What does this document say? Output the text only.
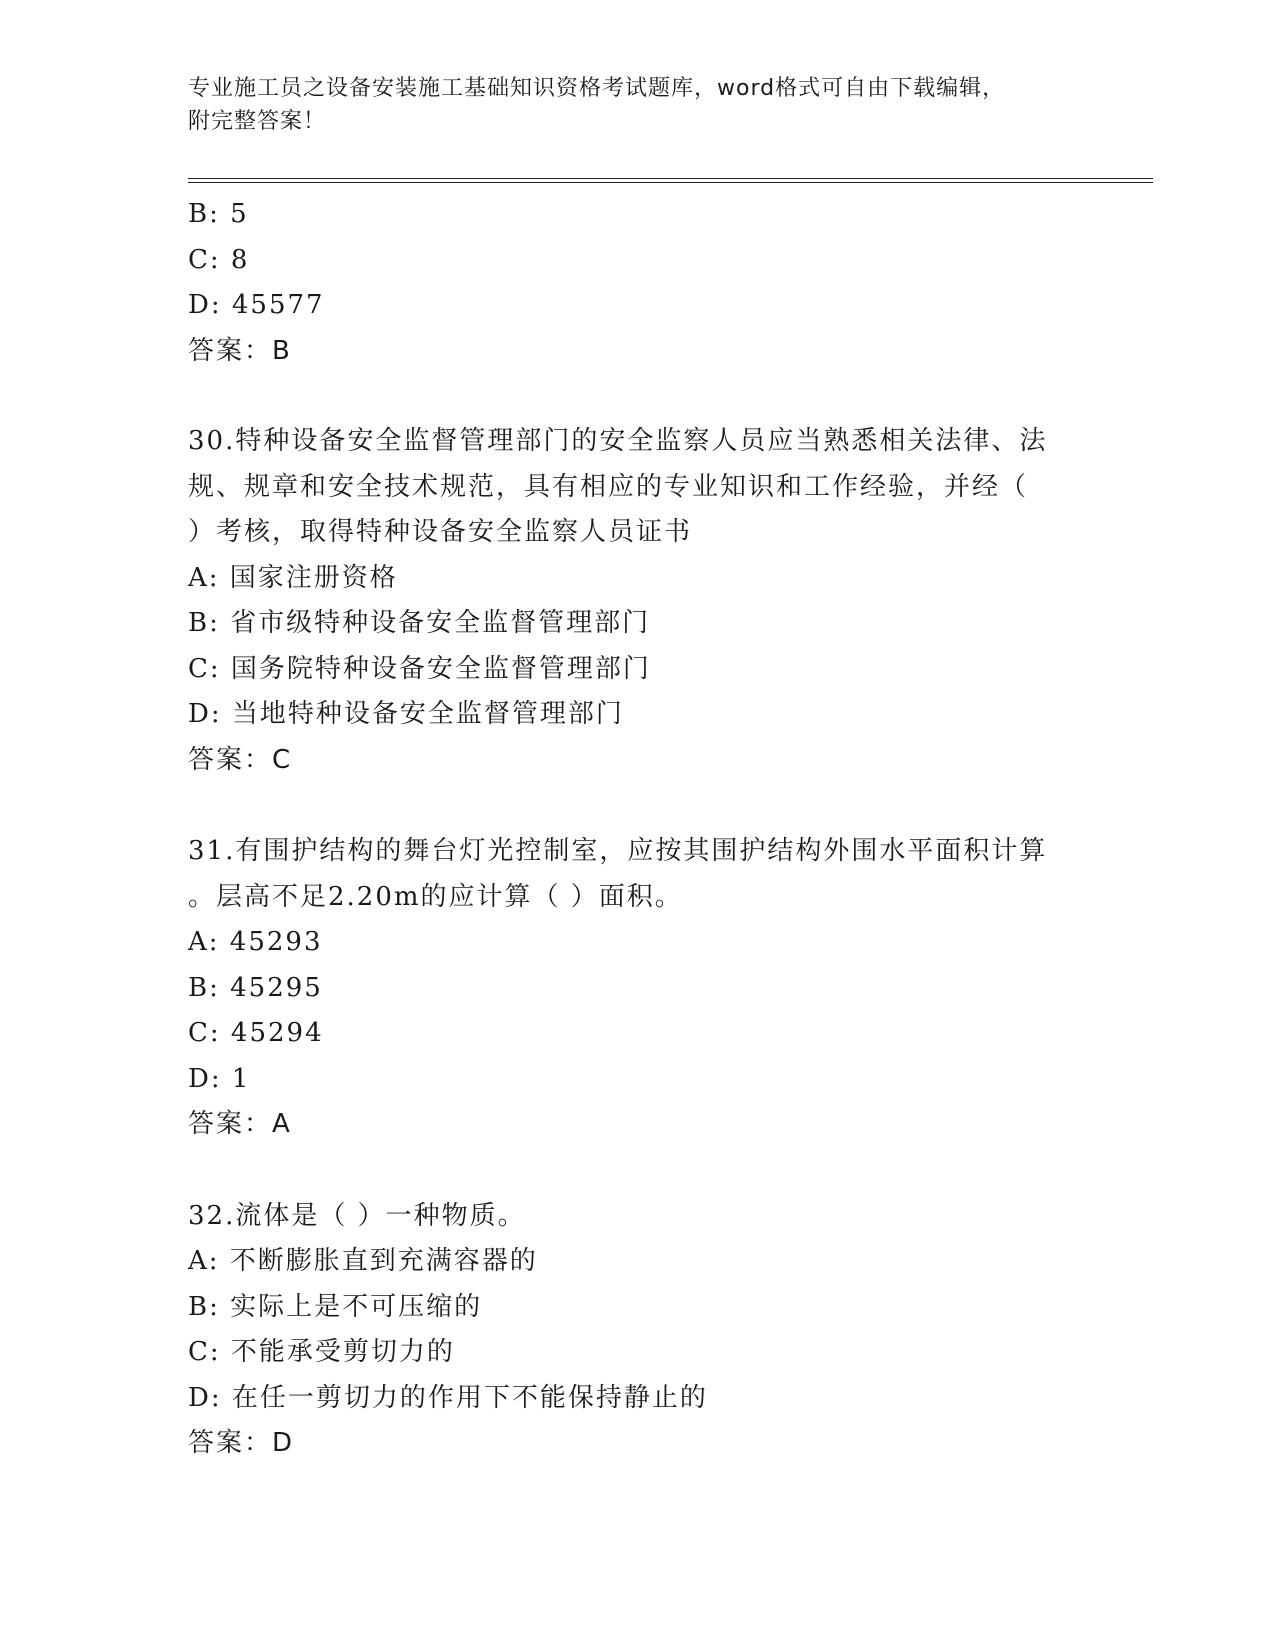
专业施工员之设备安装施工基础知识资格考试题库，word格式可自由下载编辑，
附完整答案！
B: 5
C: 8
D: 45577
答案：B
30.特种设备安全监督管理部门的安全监察人员应当熟悉相关法律、法
规、规章和安全技术规范，具有相应的专业知识和工作经验，并经（
）考核，取得特种设备安全监察人员证书
A: 国家注册资格
B: 省市级特种设备安全监督管理部门
C: 国务院特种设备安全监督管理部门
D: 当地特种设备安全监督管理部门
答案：C
31.有围护结构的舞台灯光控制室，应按其围护结构外围水平面积计算
。层高不足2.20m的应计算（ ）面积。
A: 45293
B: 45295
C: 45294
D: 1
答案：A
32.流体是（ ）一种物质。
A: 不断膨胀直到充满容器的
B: 实际上是不可压缩的
C: 不能承受剪切力的
D: 在任一剪切力的作用下不能保持静止的
答案：D
